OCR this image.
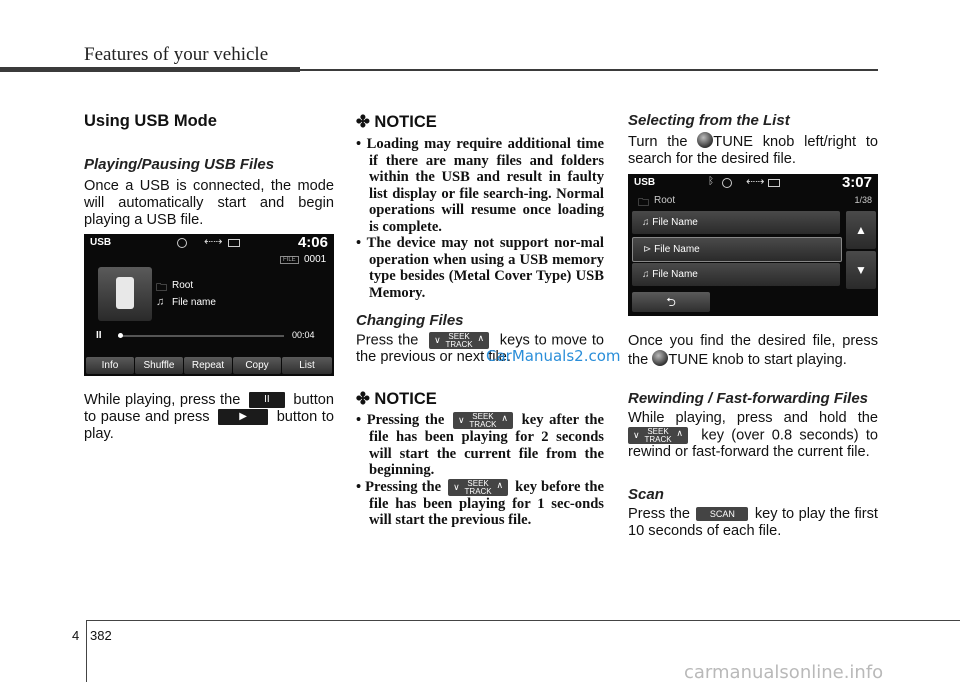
Features of your vehicle
Using USB Mode
Playing/Pausing USB Files
Once a USB is connected, the mode will automatically start and begin playing a USB file.
USB	⇠⇢	4:06
FILE 0001
🗀 Root
♫ File name
II	00:04
Info	Shuffle	Repeat	Copy	List
While playing, press the II button to pause and press	▶ button to play.
✤ NOTICE

• Loading may require additional time if there are many files and folders within the USB and result in faulty list display or file search-ing. Normal operations will resume once loading is complete.

• The device may not support nor-mal operation when using a USB memory type besides (Metal Cover Type) USB Memory.

Changing Files
Press the ∨ SEEK
TRACK
∧ keys to move to the previous or next file.
✤ NOTICE

• Pressing the ∨ SEEK
TRACK
∧ key after the file has been playing for 2 seconds will start the current file from the beginning.

• Pressing the ∨ SEEK
TRACK
∧ key before the file has been playing for 1 sec-onds will start the previous file.

Selecting from the List
Turn the TUNE knob left/right to search for the desired file.
USB	ᛒ	⇠⇢	3:07
🗀 Root	1/38
♫ File Name
⊳ File Name
♫ File Name
▲
▼
⮌
Once you find the desired file, press the TUNE knob to start playing.
Rewinding / Fast-forwarding Files
While playing, press and hold the
∨ SEEK
TRACK
∧ key (over 0.8 seconds) to rewind or fast-forward the current file.
Scan
Press the SCAN key to play the first 10 seconds of each file.
4 382
CarManuals2.com
carmanualsonline.info
